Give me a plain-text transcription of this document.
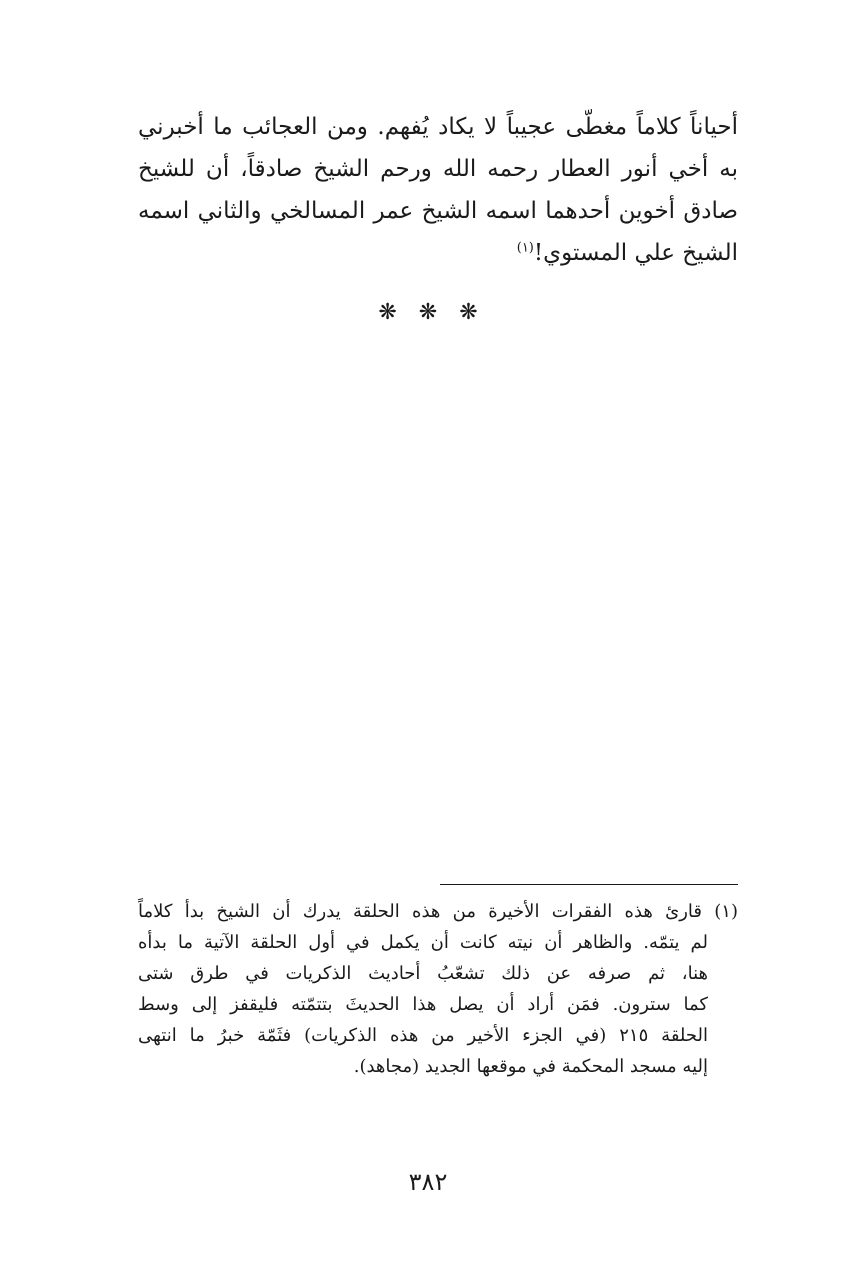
أحياناً كلاماً مغطّى عجيباً لا يكاد يُفهم. ومن العجائب ما أخبرني
به أخي أنور العطار رحمه الله ورحم الشيخ صادقاً، أن للشيخ
صادق أخوين أحدهما اسمه الشيخ عمر المسالخي والثاني اسمه
الشيخ علي المستوي!$^{(١)}$
❋ ❋ ❋
(١) قارئ هذه الفقرات الأخيرة من هذه الحلقة يدرك أن الشيخ بدأ كلاماً
لم يتمّه. والظاهر أن نيته كانت أن يكمل في أول الحلقة الآتية ما بدأه
هنا، ثم صرفه عن ذلك تشعّبُ أحاديث الذكريات في طرق شتى
كما سترون. فمَن أراد أن يصل هذا الحديثَ بتتمّته فليقفز إلى وسط
الحلقة ٢١٥ (في الجزء الأخير من هذه الذكريات) فثَمّة خبرُ ما انتهى
إليه مسجد المحكمة في موقعها الجديد (مجاهد).
٣٨٢
